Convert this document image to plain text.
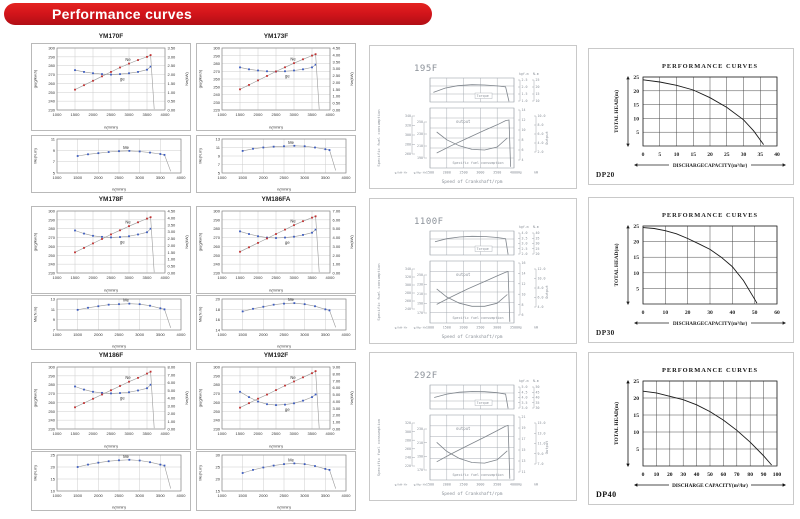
Performance curves
YM170F
1000 1500 2000 2500 3000 3500 4000
300
290
280
270
260
250
240
230
3.50
3.00
2.50
2.00
1.50
1.00
0.50
0.00
n(r/min)
ge(g/kw.h)	Ne(kW)
Ne
ge
1000	1500	2000	2500	3000	3500	4000
11
9
7
5
n(r/min)
Me(N.m)
Me
YM173F
1000 1500 2000 2500 3000 3500 4000
300
290
280
270
260
250
240
230
220
4.50
4.00
3.50
3.00
2.50
2.00
1.50
1.00
0.50
0.00
n(r/min)
ge(g/kw.h)	Ne(kW)
Ne
ge
1000	1500	2000	2500	3000	3500	4000
13
11
9
7
5
n(r/min)
Me(N.m)
Me
YM178F
1000 1500 2000 2500 3000 3500 4000
300
290
280
270
260
250
240
230
4.50
4.00
3.50
3.00
2.50
2.00
1.50
1.00
0.50
0.00
n(r/min)
ge(g/kw.h)	Ne(kW)
Ne
ge
1000	1500	2000	2500	3000	3500	4000
13
11
9
7
n(r/min)
Me(N.m)
Me
YM186FA
1000 1500 2000 2500 3000 3500 4000
300
290
280
270
260
250
240
230
7.00
6.00
5.00
4.00
3.00
2.00
1.00
0.00
n(r/min)
ge(g/kw.h)	Ne(kW)
Ne
ge
1000	1500	2000	2500	3000	3500	4000
20
18
16
14
n(r/min)
Me(N.m)
Me
YM186F
1000 1500 2000 2500 3000 3500 4000
300
290
280
270
260
250
240
230
8.00
7.00
6.00
5.00
4.00
3.00
2.00
1.00
0.00
n(r/min)
ge(g/kw.h)	Ne(kW)
Ne
ge
1000	1500	2000	2500	3000	3500	4000
25
20
15
10
n(r/min)
Me(N.m)
Me
YM192F
1000 1500 2000 2500 3000 3500 4000
300
290
280
270
260
250
240
230
9.00
8.00
7.00
6.00
5.00
4.00
3.00
2.00
1.00
0.00
n(r/min)
ge(g/kw.h)	Ne(kW)
Ne
ge
1000	1500	2000	2500	3000	3500	4000
30
25
20
15
n(r/min)
Me(N.m)
Me
195F
Torque
2.5
2.0
1.5
1.0
kgf-m
25
20
15
10
N-m
output
Specific fuel consumption
340
320
300
280
260
250
230
210
190
g/kW-Hr g/Hp-Hr
Specific fuel consumption
1500	2000	2500	3000	3500	4000
14
12
10
8
6
4
Hp
10.0
8.0
6.0
4.0
2.0
kW
Output
Speed of Crankshaft/rpm
1100F
Torque
4.0
3.5
3.0
2.5
2.0
kgf-m
40
35
30
25
20
N-m
output
Specific fuel consumption
340
320
300
280
260
240
250
230
210
190
170
g/kW-Hr g/Hp-Hr
Specific fuel consumption
1000	1500	2000	2500	3000	3500
16
14
12
10
8
6
Hp
12.0
10.0
8.0
6.0
4.0
kW
Output
Speed of Crankshaft/rpm
292F
Torque
5.0
4.5
4.0
3.5
3.0
kgf-m
50
45
40
35
30
N-m
output
Specific fuel consumption
320
300
280
260
240
220
230
210
190
170
g/kW-Hr g/Hp-Hr
Specific fuel consumption
1500	2000	2500	3000	3500	4000
21
19
17
15
13
11
Hp
15.0
13.0
11.0
9.0
7.0
kW
Output
Speed of Crankshaft/rpm
PERFORMANCE CURVES
25
20
15
10
5
TOTAL HEAD(m)
0 5 10 15 20 25 30 35 40
DISCHARGECAPACITY(m³/hr)
DP20
PERFORMANCE CURVES
25
20
15
10
5
TOTAL HEAD(m)
0	10	20	30	40	50	60
DISCHARGECAPACITY(m³/hr)
DP30
PERFORMANCE CURVES
25
20
15
10
5
TOTAL HEAD(m)
0 10 20 30 40 50 60 70 80 90 100
DISCHARGE CAPACITY(m³/hr)
DP40
